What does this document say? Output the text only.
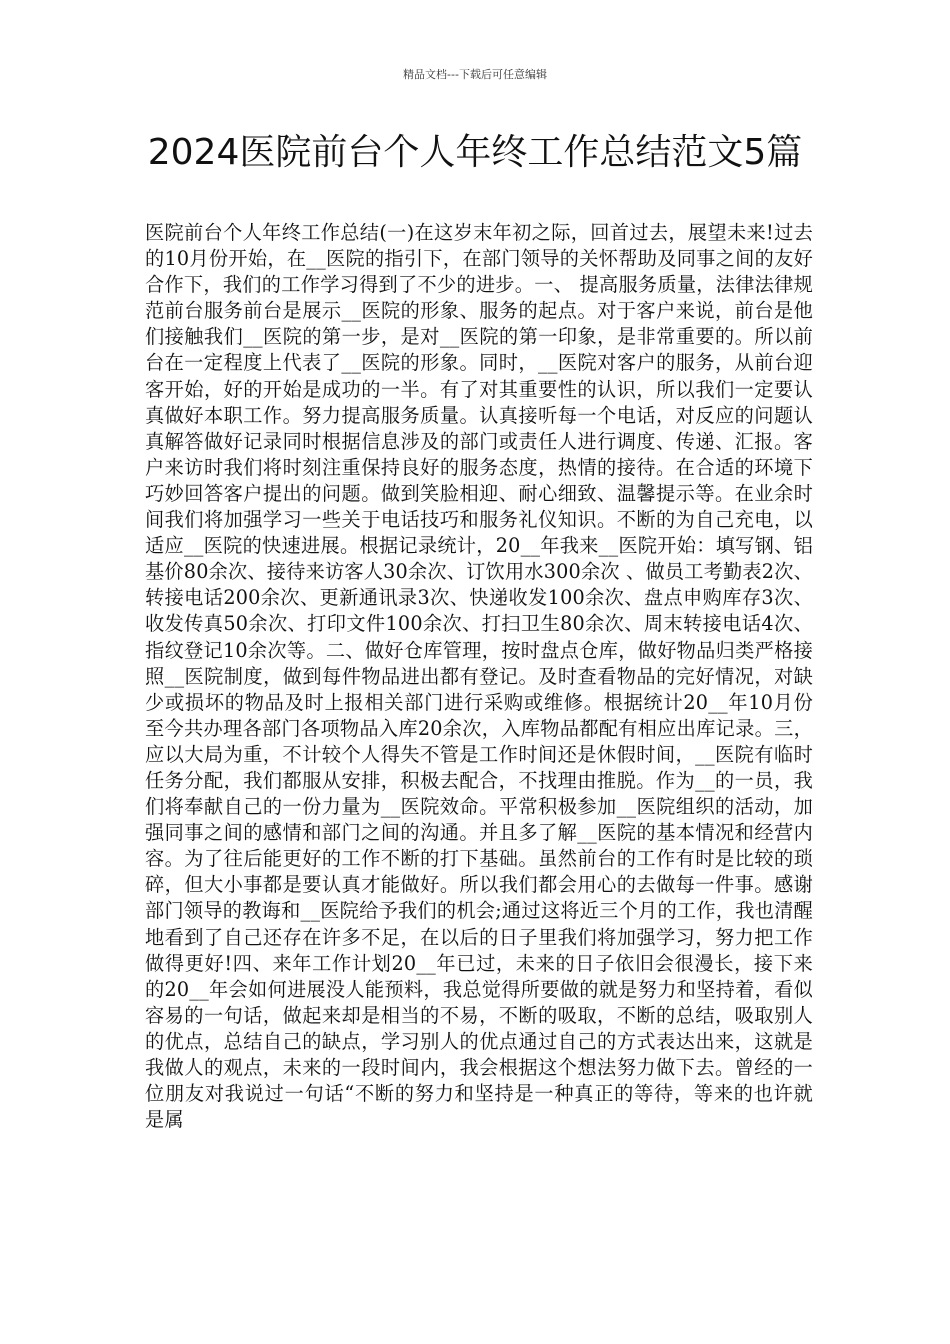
精品文档---下载后可任意编辑
2024医院前台个人年终工作总结范文5篇

医院前台个人年终工作总结(一)在这岁末年初之际，回首过去，展望未来!过去的10月份开始，在__医院的指引下，在部门领导的关怀帮助及同事之间的友好合作下，我们的工作学习得到了不少的进步。一、 提高服务质量，法律法律规范前台服务前台是展示__医院的形象、服务的起点。对于客户来说，前台是他们接触我们__医院的第一步，是对__医院的第一印象，是非常重要的。所以前台在一定程度上代表了__医院的形象。同时，__医院对客户的服务，从前台迎客开始，好的开始是成功的一半。有了对其重要性的认识，所以我们一定要认真做好本职工作。努力提高服务质量。认真接听每一个电话，对反应的问题认真解答做好记录同时根据信息涉及的部门或责任人进行调度、传递、汇报。客户来访时我们将时刻注重保持良好的服务态度，热情的接待。在合适的环境下巧妙回答客户提出的问题。做到笑脸相迎、耐心细致、温馨提示等。在业余时间我们将加强学习一些关于电话技巧和服务礼仪知识。不断的为自己充电，以适应__医院的快速进展。根据记录统计，20__年我来__医院开始：填写钢、铝基价80余次、接待来访客人30余次、订饮用水300余次 、做员工考勤表2次、转接电话200余次、更新通讯录3次、快递收发100余次、盘点申购库存3次、收发传真50余次、打印文件100余次、打扫卫生80余次、周末转接电话4次、指纹登记10余次等。二、做好仓库管理，按时盘点仓库，做好物品归类严格接照__医院制度，做到每件物品进出都有登记。及时查看物品的完好情况，对缺少或损坏的物品及时上报相关部门进行采购或维修。根据统计20__年10月份至今共办理各部门各项物品入库20余次，入库物品都配有相应出库记录。三，应以大局为重，不计较个人得失不管是工作时间还是休假时间，__医院有临时任务分配，我们都服从安排，积极去配合，不找理由推脱。作为__的一员，我们将奉献自己的一份力量为__医院效命。平常积极参加__医院组织的活动，加强同事之间的感情和部门之间的沟通。并且多了解__医院的基本情况和经营内容。为了往后能更好的工作不断的打下基础。虽然前台的工作有时是比较的琐碎，但大小事都是要认真才能做好。所以我们都会用心的去做每一件事。感谢部门领导的教诲和__医院给予我们的机会;通过这将近三个月的工作，我也清醒地看到了自己还存在许多不足，在以后的日子里我们将加强学习，努力把工作做得更好!四、来年工作计划20__年已过，未来的日子依旧会很漫长，接下来的20__年会如何进展没人能预料，我总觉得所要做的就是努力和坚持着，看似容易的一句话，做起来却是相当的不易，不断的吸取，不断的总结，吸取别人的优点，总结自己的缺点，学习别人的优点通过自己的方式表达出来，这就是我做人的观点，未来的一段时间内，我会根据这个想法努力做下去。曾经的一位朋友对我说过一句话“不断的努力和坚持是一种真正的等待，等来的也许就是属
